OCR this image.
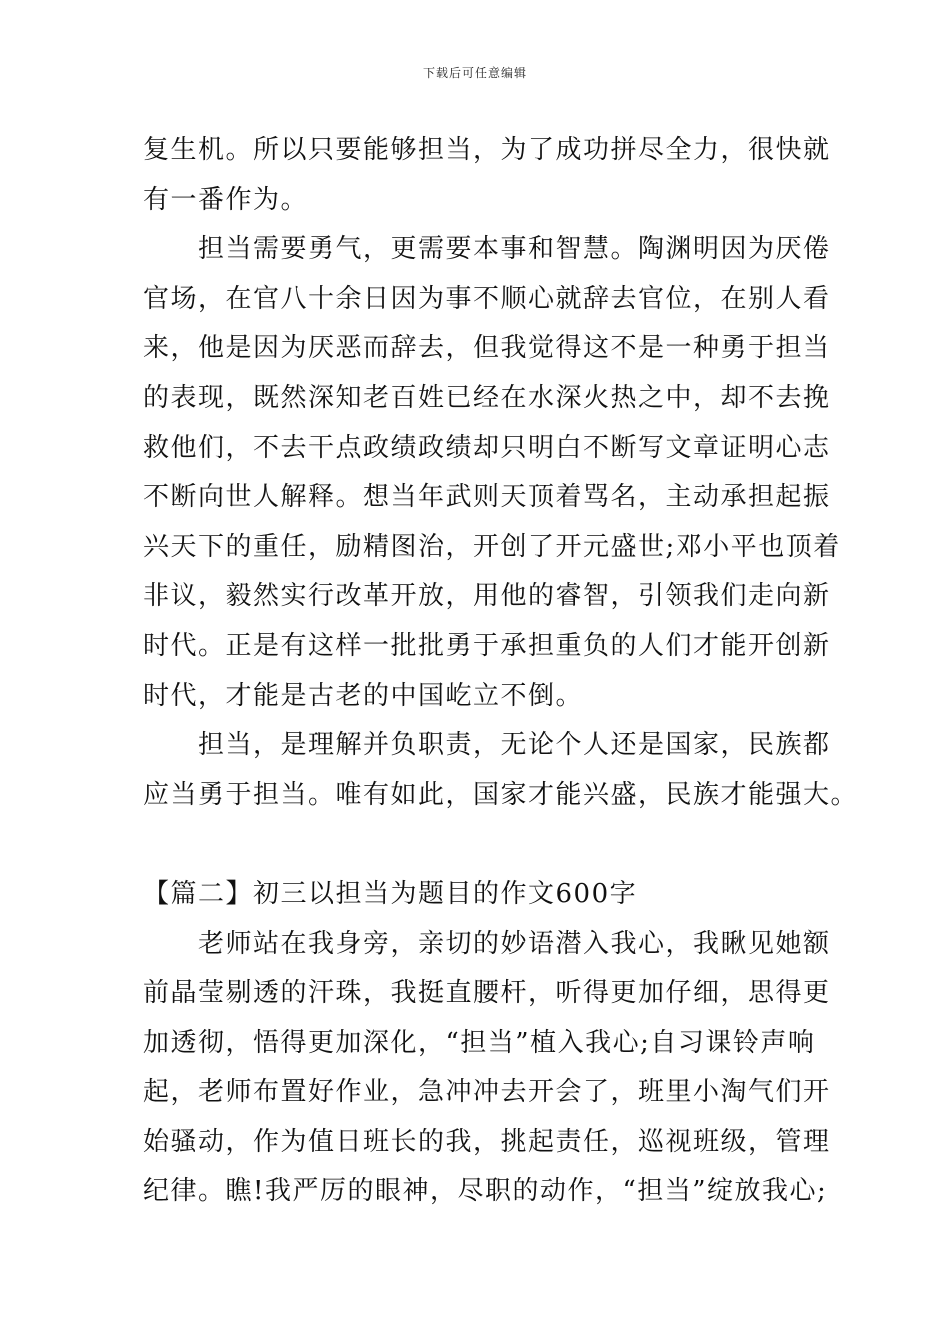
下载后可任意编辑
复生机。所以只要能够担当，为了成功拼尽全力，很快就
有一番作为。
担当需要勇气，更需要本事和智慧。陶渊明因为厌倦
官场，在官八十余日因为事不顺心就辞去官位，在别人看
来，他是因为厌恶而辞去，但我觉得这不是一种勇于担当
的表现，既然深知老百姓已经在水深火热之中，却不去挽
救他们，不去干点政绩政绩却只明白不断写文章证明心志
不断向世人解释。想当年武则天顶着骂名，主动承担起振
兴天下的重任，励精图治，开创了开元盛世;邓小平也顶着
非议，毅然实行改革开放，用他的睿智，引领我们走向新
时代。正是有这样一批批勇于承担重负的人们才能开创新
时代，才能是古老的中国屹立不倒。
担当，是理解并负职责，无论个人还是国家，民族都
应当勇于担当。唯有如此，国家才能兴盛，民族才能强大。
【篇二】初三以担当为题目的作文600字
老师站在我身旁，亲切的妙语潜入我心，我瞅见她额
前晶莹剔透的汗珠，我挺直腰杆，听得更加仔细，思得更
加透彻，悟得更加深化，“担当”植入我心;自习课铃声响
起，老师布置好作业，急冲冲去开会了，班里小淘气们开
始骚动，作为值日班长的我，挑起责任，巡视班级，管理
纪律。瞧!我严厉的眼神，尽职的动作，“担当”绽放我心;
